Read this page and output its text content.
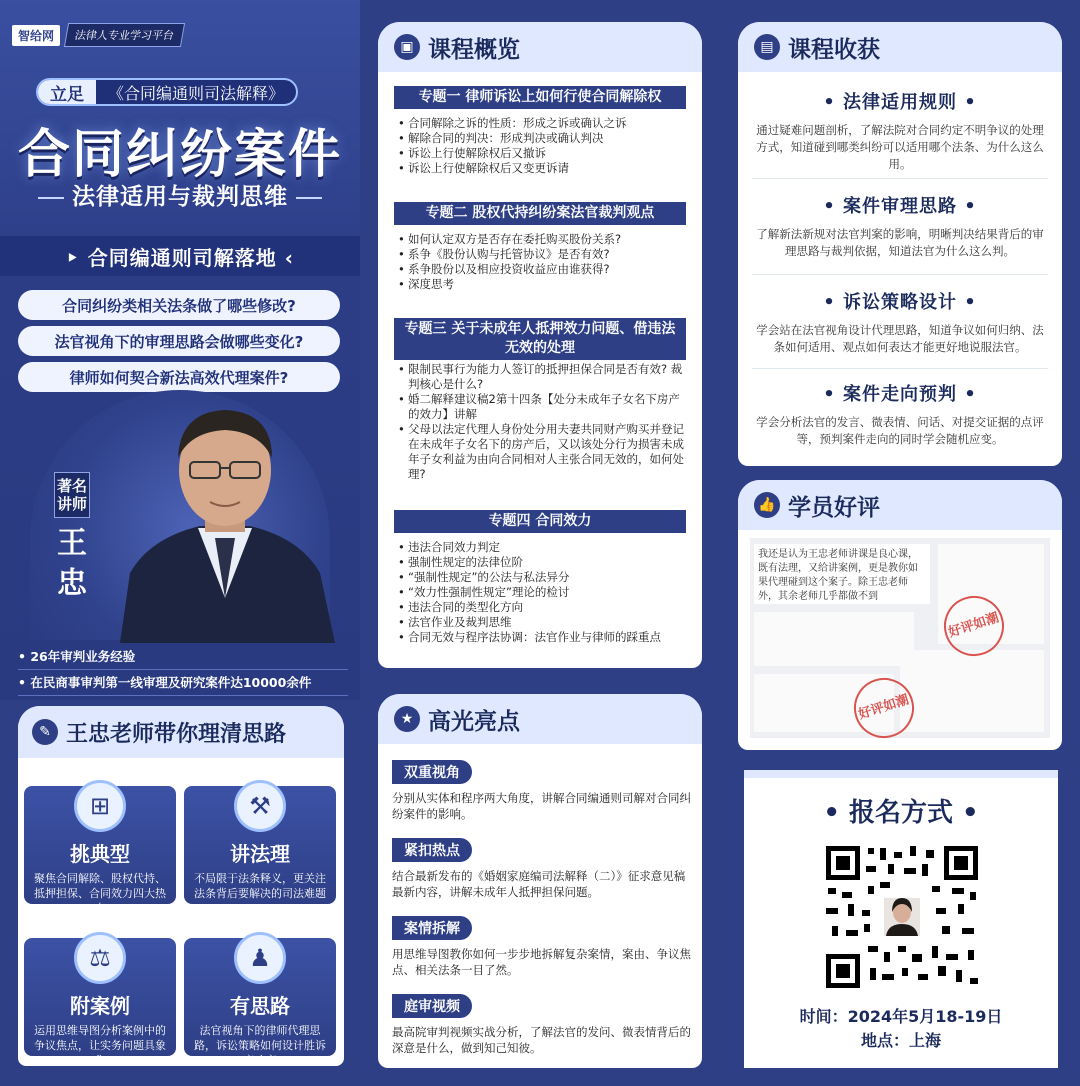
智给网	法律人专业学习平台
立足	《合同编通则司法解释》
合同纠纷案件
法律适用与裁判思维
‣ 合同编通则司解落地 ‹
合同纠纷类相关法条做了哪些修改?
法官视角下的审理思路会做哪些变化?
律师如何契合新法高效代理案件?
著名讲师
王忠
• 26年审判业务经验
• 在民商事审判第一线审理及研究案件达10000余件
✎ 王忠老师带你理清思路
⊞
挑典型
聚焦合同解除、股权代持、抵押担保、合同效力四大热点
⚒
讲法理
不局限于法条释义，更关注法条背后要解决的司法难题
⚖
附案例
运用思维导图分析案例中的争议焦点，让实务问题具象化
♟
有思路
法官视角下的律师代理思路，诉讼策略如何设计胜诉率才高
▣ 课程概览
专题一 律师诉讼上如何行使合同解除权
• 合同解除之诉的性质：形成之诉或确认之诉
• 解除合同的判决：形成判决或确认判决
• 诉讼上行使解除权后又撤诉
• 诉讼上行使解除权后又变更诉请
专题二 股权代持纠纷案法官裁判观点
• 如何认定双方是否存在委托购买股份关系?
• 系争《股份认购与托管协议》是否有效?
• 系争股份以及相应投资收益应由谁获得?
• 深度思考
专题三 关于未成年人抵押效力问题、借违法无效的处理
• 限制民事行为能力人签订的抵押担保合同是否有效? 裁判核心是什么?
• 婚二解释建议稿2第十四条【处分未成年子女名下房产的效力】讲解
• 父母以法定代理人身份处分用夫妻共同财产购买并登记在未成年子女名下的房产后，又以该处分行为损害未成年子女利益为由向合同相对人主张合同无效的，如何处理?
专题四 合同效力
• 违法合同效力判定
• 强制性规定的法律位阶
• “强制性规定”的公法与私法异分
• “效力性强制性规定”理论的检讨
• 违法合同的类型化方向
• 法官作业及裁判思维
• 合同无效与程序法协调：法官作业与律师的踩重点
★ 高光亮点
双重视角
分别从实体和程序两大角度，讲解合同编通则司解对合同纠纷案件的影响。
紧扣热点
结合最新发布的《婚姻家庭编司法解释（二）》征求意见稿最新内容，讲解未成年人抵押担保问题。
案情拆解
用思维导图教你如何一步步地拆解复杂案情，案由、争议焦点、相关法条一目了然。
庭审视频
最高院审判视频实战分析，了解法官的发问、微表情背后的深意是什么，做到知己知彼。
▤ 课程收获
• 法律适用规则 •
通过疑难问题剖析，了解法院对合同约定不明争议的处理方式，知道碰到哪类纠纷可以适用哪个法条、为什么这么用。
• 案件审理思路 •
了解新法新规对法官判案的影响，明晰判决结果背后的审理思路与裁判依据，知道法官为什么这么判。
• 诉讼策略设计 •
学会站在法官视角设计代理思路，知道争议如何归纳、法条如何适用、观点如何表达才能更好地说服法官。
• 案件走向预判 •
学会分析法官的发言、微表情、问话、对提交证据的点评等，预判案件走向的同时学会随机应变。
👍 学员好评
我还是认为王忠老师讲课是良心课，既有法理，又给讲案例，更是教你如果代理碰到这个案子。除王忠老师外，其余老师几乎都做不到
好评如潮
好评如潮
• 报名方式 •
时间：2024年5月18-19日
地点：上海
